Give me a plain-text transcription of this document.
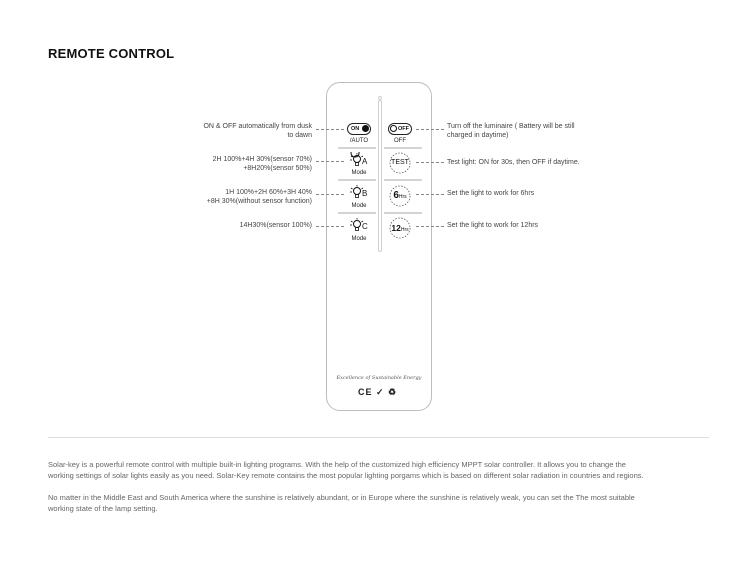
REMOTE CONTROL
ON
/AUTO
OFF
OFF
A
Mode
TEST
B
Mode
6Hrs
C
Mode
12Hrs
ON & OFF automatically from dusk
to dawn
2H 100%+4H 30%(sensor 70%)
+8H20%(sensor 50%)
1H 100%+2H 60%+3H 40%
+8H 30%(without sensor function)
14H30%(sensor 100%)
Turn off the luminaire ( Battery will be still
charged in daytime)
Test light: ON for 30s, then OFF if daytime.
Set the light to work for 6hrs
Set the light to work for 12hrs
Excellence of Sustainable Energy
CE ✓ ♻
Solar-key is a powerful remote control with multiple built-in lighting programs. With the help of the customized high efficiency MPPT solar controller. It allows you to change the working settings of solar lights easily as you need. Solar-Key remote contains the most popular lighting porgams which is based on different solar radiation in countries and regions.
No matter in the Middle East and South America where the sunshine is relatively abundant, or in Europe where the sunshine is relatively weak, you can set the The most suitable working state of the lamp setting.
